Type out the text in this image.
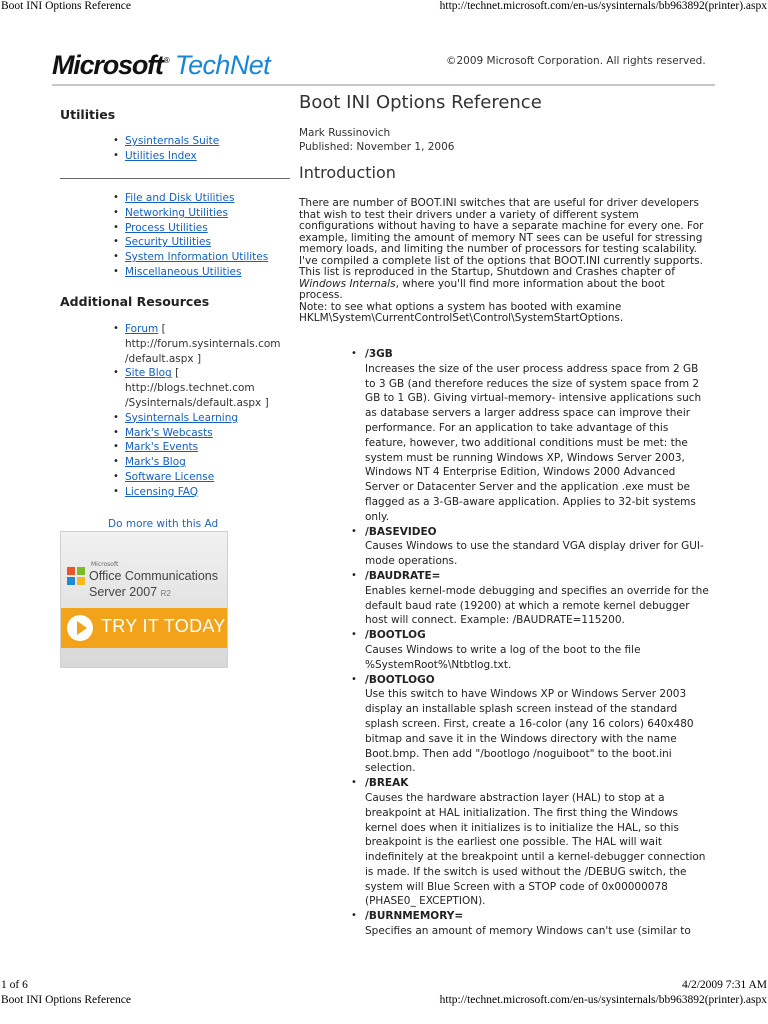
Boot INI Options Reference	http://technet.microsoft.com/en-us/sysinternals/bb963892(printer).aspx
Microsoft® TechNet	©2009 Microsoft Corporation. All rights reserved.
Utilities
• Sysinternals Suite
• Utilities Index
• File and Disk Utilities
• Networking Utilities
• Process Utilities
• Security Utilities
• System Information Utilites
• Miscellaneous Utilities
Additional Resources
• Forum [ http://forum.sysinternals.com /default.aspx ]
• Site Blog [ http://blogs.technet.com /Sysinternals/default.aspx ]
• Sysinternals Learning
• Mark's Webcasts
• Mark's Events
• Mark's Blog
• Software License
• Licensing FAQ
Do more with this Ad
Microsoft
Office Communications
Server 2007 R2
TRY IT TODAY
Boot INI Options Reference
Mark Russinovich
Published: November 1, 2006
Introduction

There are number of BOOT.INI switches that are useful for driver developers that wish to test their drivers under a variety of different system configurations without having to have a separate machine for every one. For example, limiting the amount of memory NT sees can be useful for stressing memory loads, and limiting the number of processors for testing scalability. I've compiled a complete list of the options that BOOT.INI currently supports. This list is reproduced in the Startup, Shutdown and Crashes chapter of Windows Internals, where you'll find more information about the boot process.

Note: to see what options a system has booted with examine HKLM\System\CurrentControlSet\Control\SystemStartOptions.

• /3GB
Increases the size of the user process address space from 2 GB to 3 GB (and therefore reduces the size of system space from 2 GB to 1 GB). Giving virtual-memory- intensive applications such as database servers a larger address space can improve their performance. For an application to take advantage of this feature, however, two additional conditions must be met: the system must be running Windows XP, Windows Server 2003, Windows NT 4 Enterprise Edition, Windows 2000 Advanced Server or Datacenter Server and the application .exe must be flagged as a 3-GB-aware application. Applies to 32-bit systems only.
• /BASEVIDEO
Causes Windows to use the standard VGA display driver for GUI-mode operations.
• /BAUDRATE=
Enables kernel-mode debugging and specifies an override for the default baud rate (19200) at which a remote kernel debugger host will connect. Example: /BAUDRATE=115200.
• /BOOTLOG
Causes Windows to write a log of the boot to the file %SystemRoot%\Ntbtlog.txt.
• /BOOTLOGO
Use this switch to have Windows XP or Windows Server 2003 display an installable splash screen instead of the standard splash screen. First, create a 16-color (any 16 colors) 640x480 bitmap and save it in the Windows directory with the name Boot.bmp. Then add "/bootlogo /noguiboot" to the boot.ini selection.
• /BREAK
Causes the hardware abstraction layer (HAL) to stop at a breakpoint at HAL initialization. The first thing the Windows kernel does when it initializes is to initialize the HAL, so this breakpoint is the earliest one possible. The HAL will wait indefinitely at the breakpoint until a kernel-debugger connection is made. If the switch is used without the /DEBUG switch, the system will Blue Screen with a STOP code of 0x00000078 (PHASE0_ EXCEPTION).
• /BURNMEMORY=
Specifies an amount of memory Windows can't use (similar to
1 of 6	4/2/2009 7:31 AM
Boot INI Options Reference	http://technet.microsoft.com/en-us/sysinternals/bb963892(printer).aspx
